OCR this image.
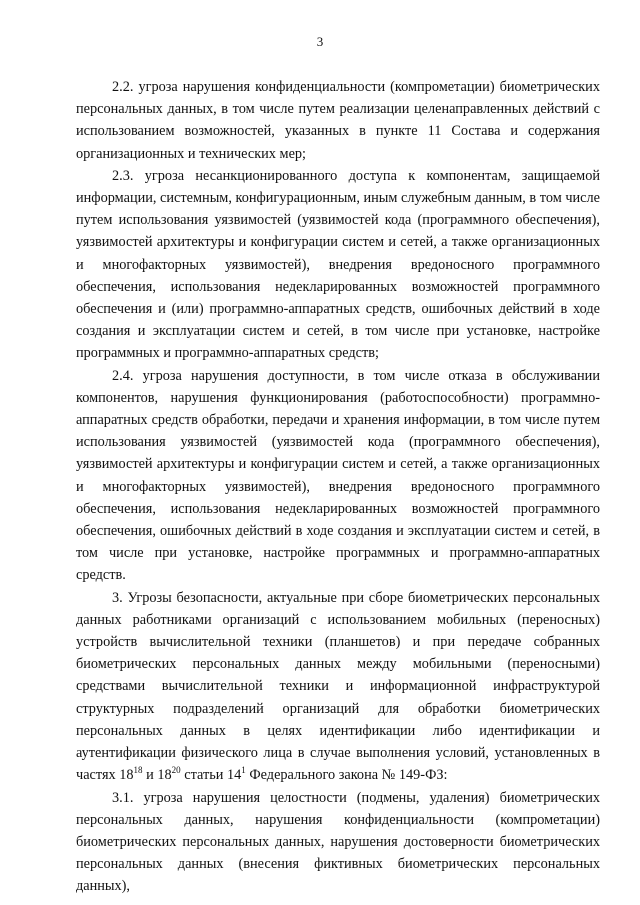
3

2.2. угроза нарушения конфиденциальности (компрометации) биометрических персональных данных, в том числе путем реализации целенаправленных действий с использованием возможностей, указанных в пункте 11 Состава и содержания организационных и технических мер;

2.3. угроза несанкционированного доступа к компонентам, защищаемой информации, системным, конфигурационным, иным служебным данным, в том числе путем использования уязвимостей (уязвимостей кода (программного обеспечения), уязвимостей архитектуры и конфигурации систем и сетей, а также организационных и многофакторных уязвимостей), внедрения вредоносного программного обеспечения, использования недекларированных возможностей программного обеспечения и (или) программно-аппаратных средств, ошибочных действий в ходе создания и эксплуатации систем и сетей, в том числе при установке, настройке программных и программно-аппаратных средств;

2.4. угроза нарушения доступности, в том числе отказа в обслуживании компонентов, нарушения функционирования (работоспособности) программно-аппаратных средств обработки, передачи и хранения информации, в том числе путем использования уязвимостей (уязвимостей кода (программного обеспечения), уязвимостей архитектуры и конфигурации систем и сетей, а также организационных и многофакторных уязвимостей), внедрения вредоносного программного обеспечения, использования недекларированных возможностей программного обеспечения, ошибочных действий в ходе создания и эксплуатации систем и сетей, в том числе при установке, настройке программных и программно-аппаратных средств.

3. Угрозы безопасности, актуальные при сборе биометрических персональных данных работниками организаций с использованием мобильных (переносных) устройств вычислительной техники (планшетов) и при передаче собранных биометрических персональных данных между мобильными (переносными) средствами вычислительной техники и информационной инфраструктурой структурных подразделений организаций для обработки биометрических персональных данных в целях идентификации либо идентификации и аутентификации физического лица в случае выполнения условий, установленных в частях $18^{18}$ и $18^{20}$ статьи $14^1$ Федерального закона № 149-ФЗ:

3.1. угроза нарушения целостности (подмены, удаления) биометрических персональных данных, нарушения конфиденциальности (компрометации) биометрических персональных данных, нарушения достоверности биометрических персональных данных (внесения фиктивных биометрических персональных данных),
